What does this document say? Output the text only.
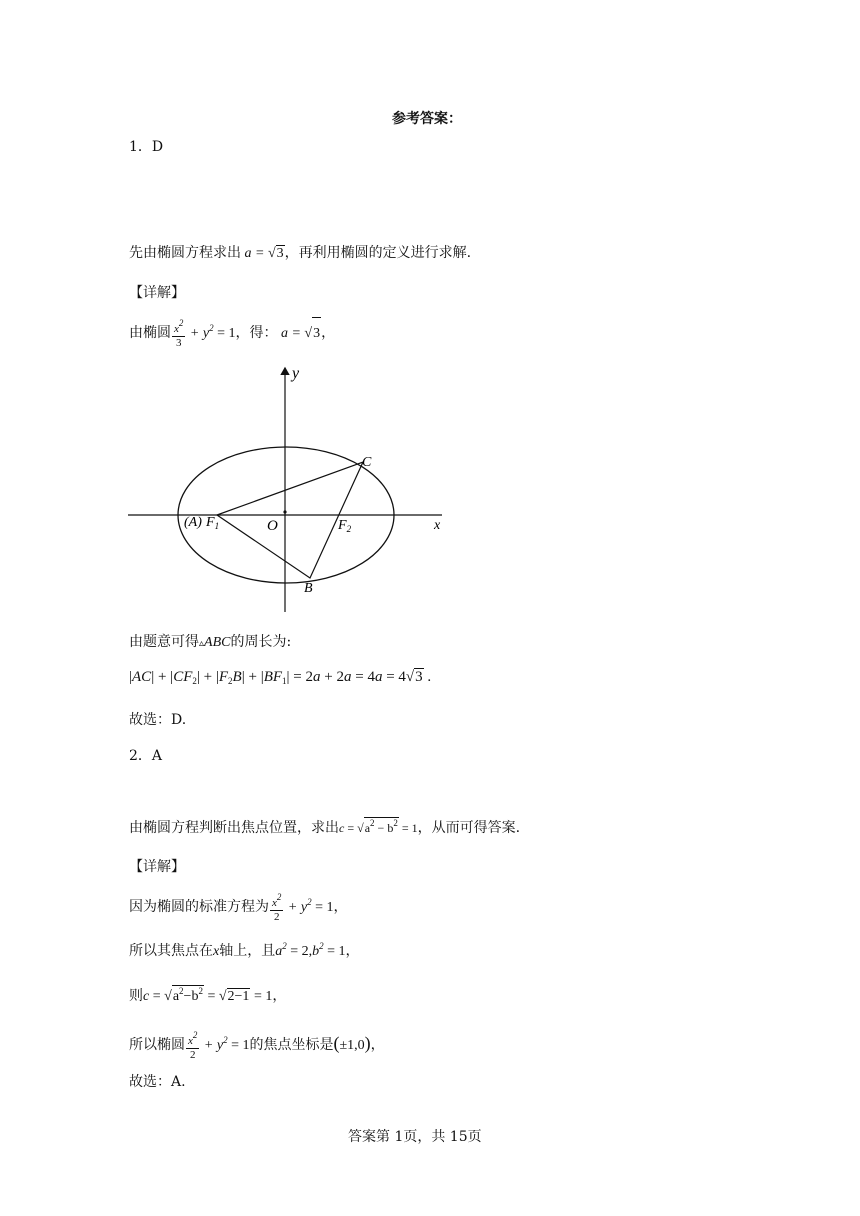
参考答案：
1．D
先由椭圆方程求出 a = √3，再利用椭圆的定义进行求解.
【详解】
由椭圆 $\frac{x^2}{3} + y^2 = 1$，得： a = √3，
y
x
C
(A) $F_1$	O	$F_2$
B
由题意可得▵ABC的周长为:
$|AC| + |CF_2| + |F_2B| + |BF_1| = 2a + 2a = 4a = 4√3$ .
故选：D.
2．A
由椭圆方程判断出焦点位置，求出$c = √a^2 - b^2 = 1$，从而可得答案.
【详解】
因为椭圆的标准方程为 $\frac{x^2}{2} + y^2 = 1$，
所以其焦点在x轴上，且$a^2 = 2,b^2 = 1$，
则$c = √a^2-b^2 = √2-1 = 1$，
所以椭圆 $\frac{x^2}{2} + y^2 = 1$的焦点坐标是(±1,0)，
故选：A.
答案第 1页，共 15页
